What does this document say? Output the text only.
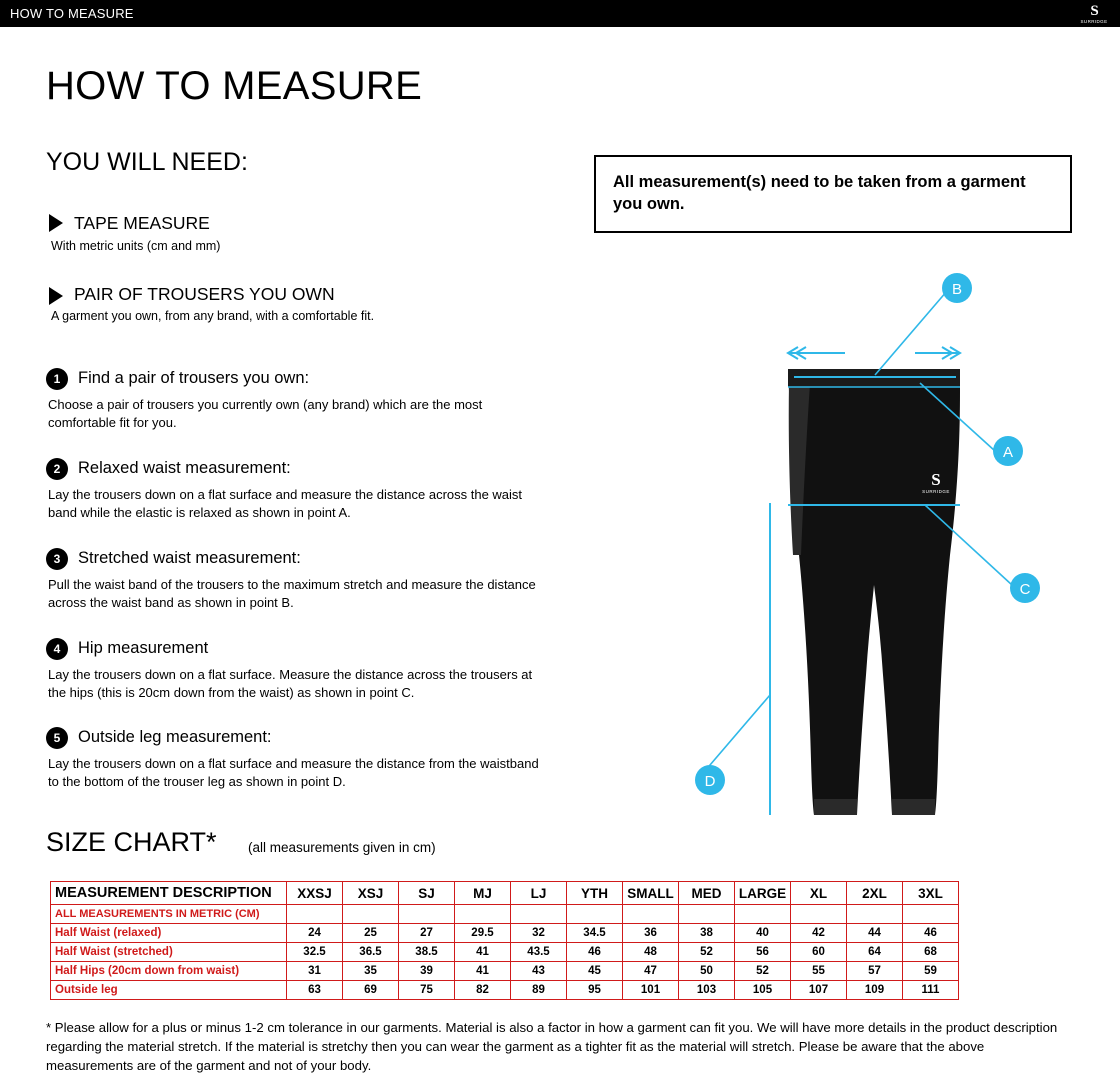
HOW TO MEASURE	S
SURRIDGE
HOW TO MEASURE
YOU WILL NEED:
All measurement(s) need to be taken from a garment you own.
TAPE MEASURE
With metric units (cm and mm)
PAIR OF TROUSERS YOU OWN
A garment you own, from any brand, with a comfortable fit.
1	Find a pair of trousers you own:
Choose a pair of trousers you currently own (any brand) which are the most comfortable fit for you.
2	Relaxed waist measurement:
Lay the trousers down on a flat surface and measure the distance across the waist band while the elastic is relaxed as shown in point A.
3	Stretched waist measurement:
Pull the waist band of the trousers to the maximum stretch and measure the distance across the waist band as shown in point B.
4	Hip measurement
Lay the trousers down on a flat surface. Measure the distance across the trousers at the hips (this is 20cm down from the waist) as shown in point C.
5	Outside leg measurement:
Lay the trousers down on a flat surface and measure the distance from the waistband to the bottom of the trouser leg as shown in point D.
S
SURRIDGE
B
A
C
D
SIZE CHART* (all measurements given in cm)
MEASUREMENT DESCRIPTION	XXSJ	XSJ	SJ	MJ	LJ	YTH	SMALL	MED	LARGE	XL	2XL	3XL
ALL MEASUREMENTS IN METRIC (CM)												
Half Waist (relaxed)	24	25	27	29.5	32	34.5	36	38	40	42	44	46
Half Waist (stretched)	32.5	36.5	38.5	41	43.5	46	48	52	56	60	64	68
Half Hips (20cm down from waist)	31	35	39	41	43	45	47	50	52	55	57	59
Outside leg	63	69	75	82	89	95	101	103	105	107	109	111
* Please allow for a plus or minus 1-2 cm tolerance in our garments. Material is also a factor in how a garment can fit you. We will have more details in the product description regarding the material stretch. If the material is stretchy then you can wear the garment as a tighter fit as the material will stretch. Please be aware that the above measurements are of the garment and not of your body.
